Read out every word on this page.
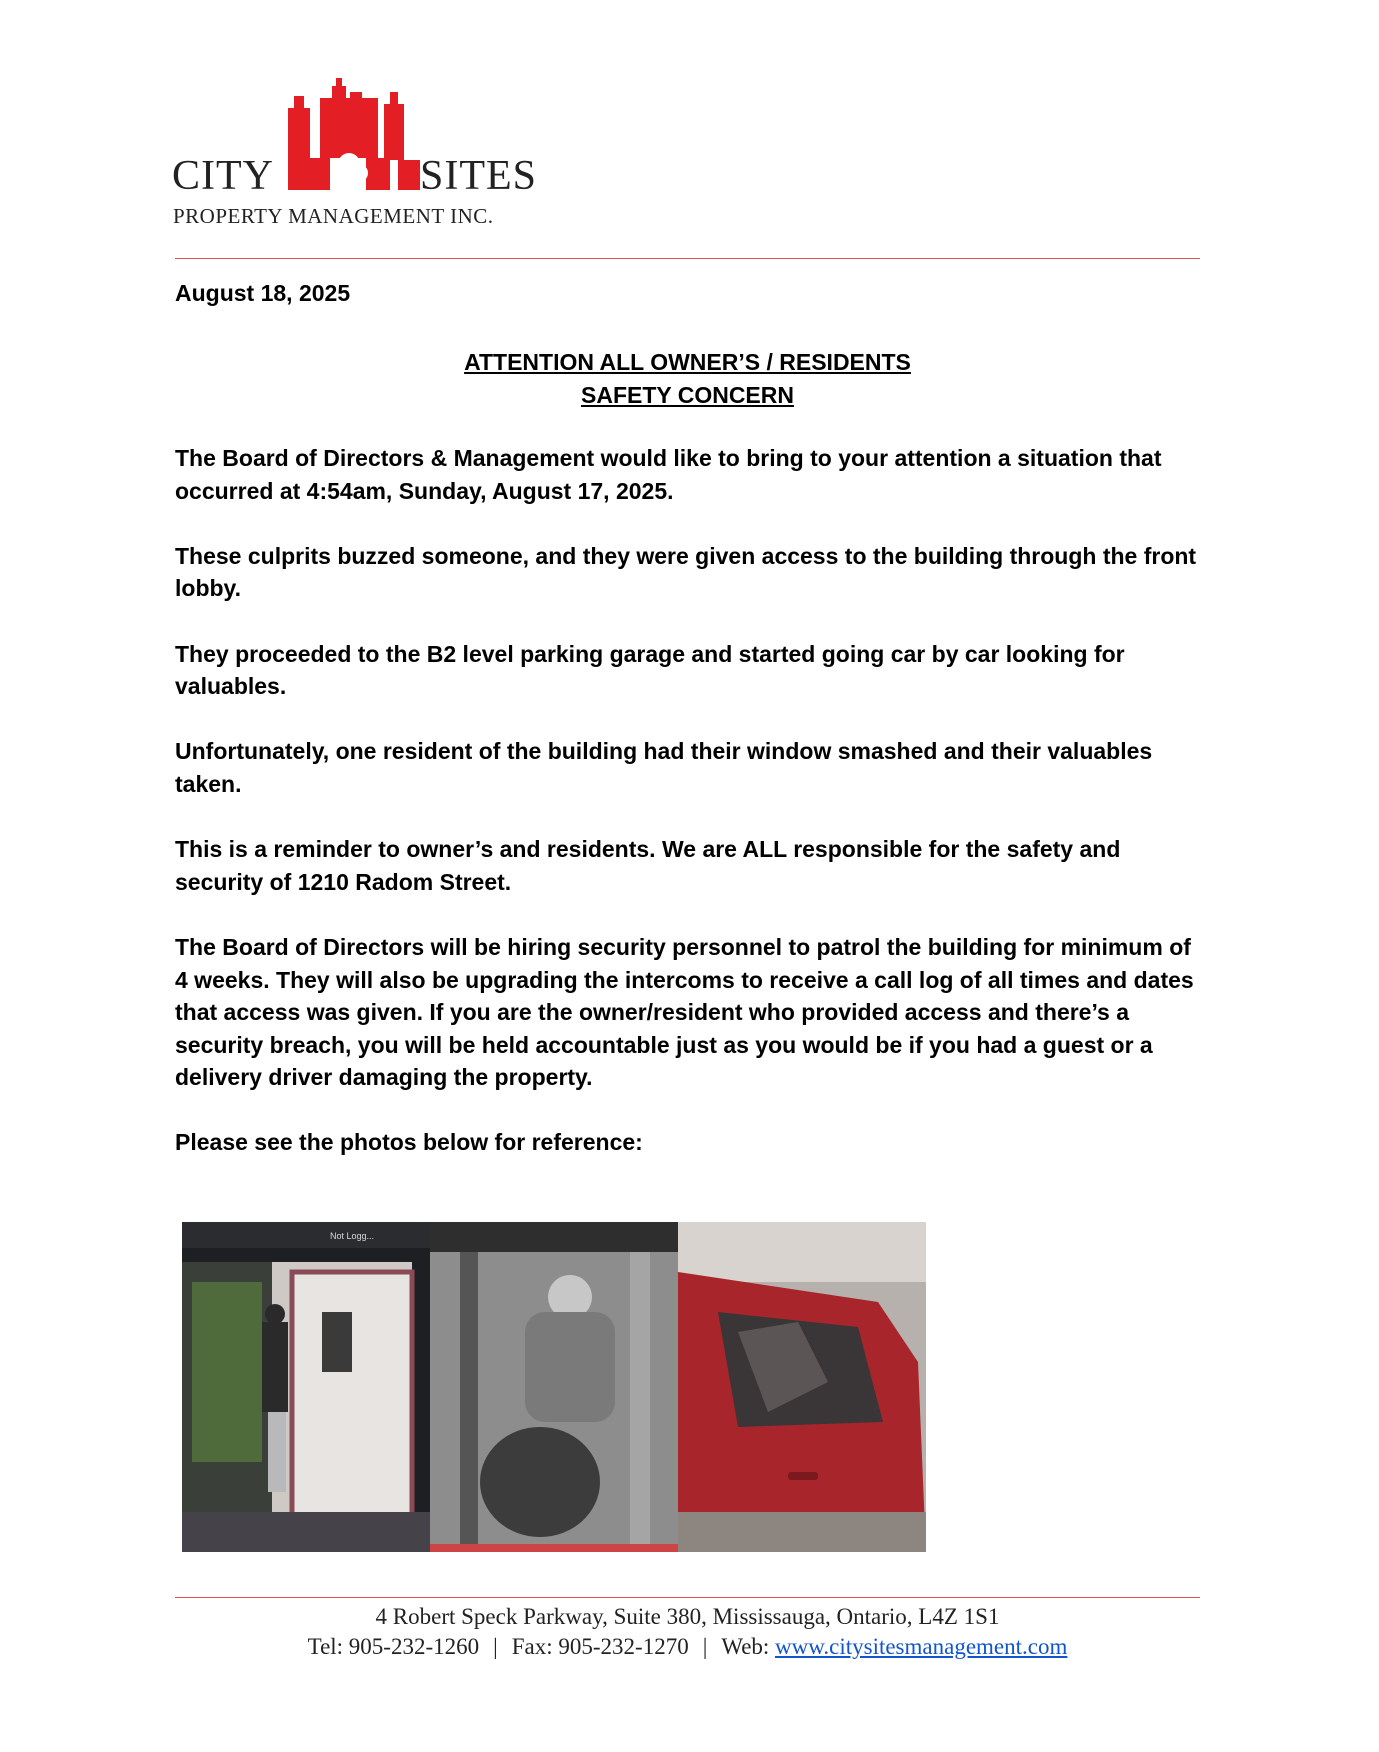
CITY	SITES
PROPERTY MANAGEMENT INC.
August 18, 2025
ATTENTION ALL OWNER’S / RESIDENTS
SAFETY CONCERN

The Board of Directors & Management would like to bring to your attention a situation that occurred at 4:54am, Sunday, August 17, 2025.

These culprits buzzed someone, and they were given access to the building through the front lobby.

They proceeded to the B2 level parking garage and started going car by car looking for valuables.

Unfortunately, one resident of the building had their window smashed and their valuables taken.

This is a reminder to owner’s and residents. We are ALL responsible for the safety and security of 1210 Radom Street.

The Board of Directors will be hiring security personnel to patrol the building for minimum of 4 weeks. They will also be upgrading the intercoms to receive a call log of all times and dates that access was given. If you are the owner/resident who provided access and there’s a security breach, you will be held accountable just as you would be if you had a guest or a delivery driver damaging the property.

Please see the photos below for reference:

Not Logg...
4 Robert Speck Parkway, Suite 380, Mississauga, Ontario, L4Z 1S1
Tel: 905-232-1260 | Fax: 905-232-1270 | Web: www.citysitesmanagement.com
